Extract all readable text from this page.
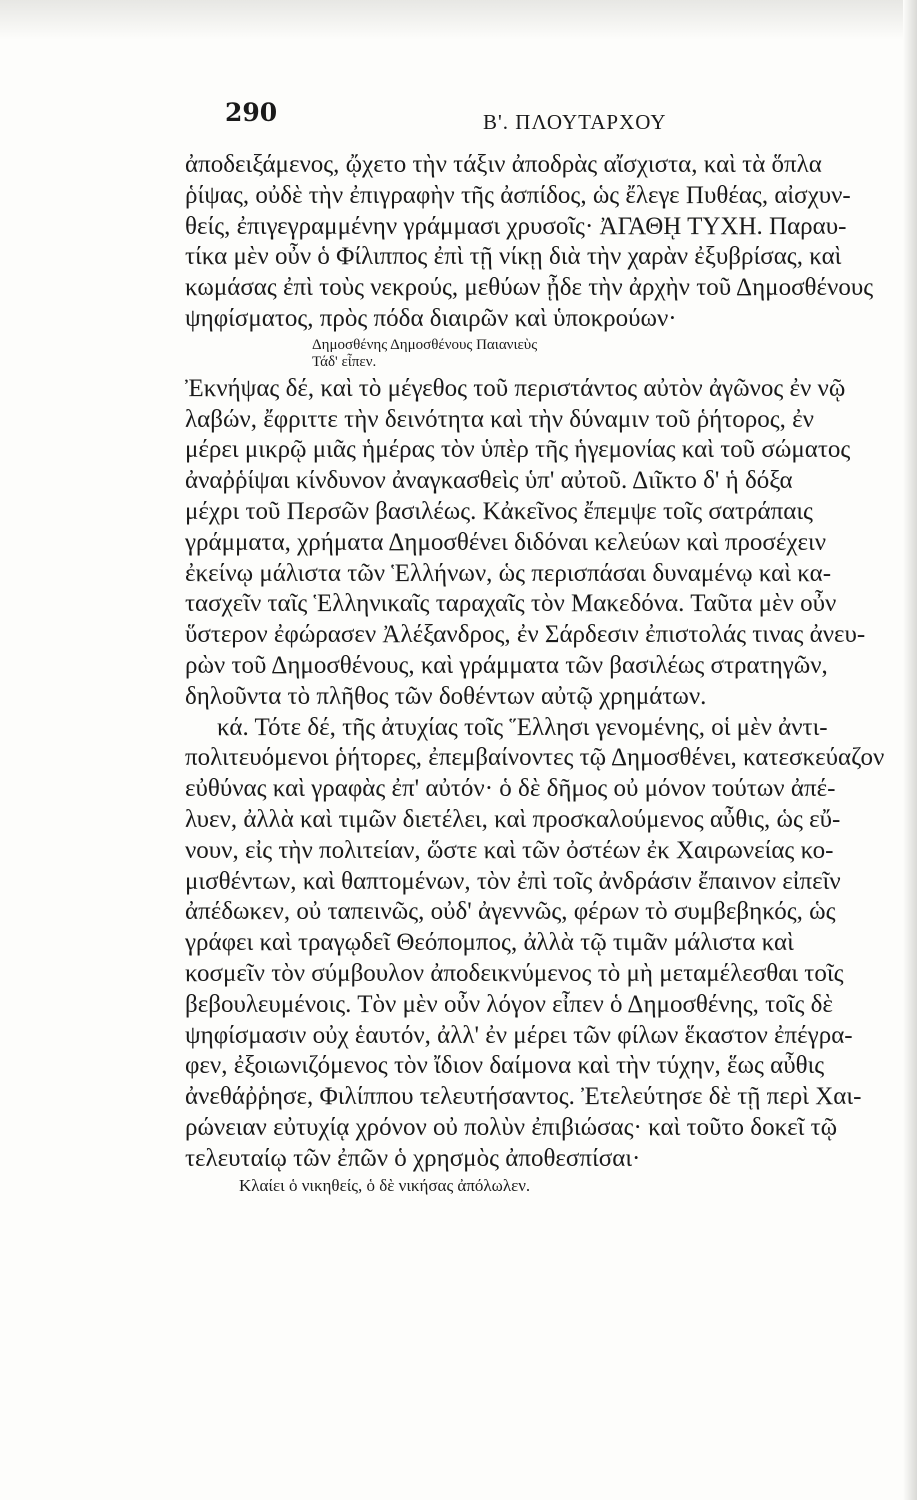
290	Β'. ΠΛΟΥΤΑΡΧΟΥ

ἀποδειξάμενος, ᾤχετο τὴν τάξιν ἀποδρὰς αἴσχιστα, καὶ τὰ ὅπλα
ῥίψας, οὐδὲ τὴν ἐπιγραφὴν τῆς ἀσπίδος, ὡς ἔλεγε Πυθέας, αἰσχυν-
θείς, ἐπιγεγραμμένην γράμμασι χρυσοῖς· ἈΓΑΘῌ ΤΥΧΗ. Παραυ-
τίκα μὲν οὖν ὁ Φίλιππος ἐπὶ τῇ νίκῃ διὰ τὴν χαρὰν ἐξυβρίσας, καὶ
κωμάσας ἐπὶ τοὺς νεκρούς, μεθύων ᾖδε τὴν ἀρχὴν τοῦ Δημοσθένους
ψηφίσματος, πρὸς πόδα διαιρῶν καὶ ὑποκρούων·

Δημοσθένης Δημοσθένους Παιανιεὺς
Τάδ' εἶπεν.

Ἐκνήψας δέ, καὶ τὸ μέγεθος τοῦ περιστάντος αὐτὸν ἀγῶνος ἐν νῷ
λαβών, ἔφριττε τὴν δεινότητα καὶ τὴν δύναμιν τοῦ ῥήτορος, ἐν
μέρει μικρῷ μιᾶς ἡμέρας τὸν ὑπὲρ τῆς ἡγεμονίας καὶ τοῦ σώματος
ἀναῤῥίψαι κίνδυνον ἀναγκασθεὶς ὑπ' αὐτοῦ. Διῖκτο δ' ἡ δόξα
μέχρι τοῦ Περσῶν βασιλέως. Κἀκεῖνος ἔπεμψε τοῖς σατράπαις
γράμματα, χρήματα Δημοσθένει διδόναι κελεύων καὶ προσέχειν
ἐκείνῳ μάλιστα τῶν Ἑλλήνων, ὡς περισπάσαι δυναμένῳ καὶ κα-
τασχεῖν ταῖς Ἑλληνικαῖς ταραχαῖς τὸν Μακεδόνα. Ταῦτα μὲν οὖν
ὕστερον ἐφώρασεν Ἀλέξανδρος, ἐν Σάρδεσιν ἐπιστολάς τινας ἀνευ-
ρὼν τοῦ Δημοσθένους, καὶ γράμματα τῶν βασιλέως στρατηγῶν,
δηλοῦντα τὸ πλῆθος τῶν δοθέντων αὐτῷ χρημάτων.

κά. Τότε δέ, τῆς ἀτυχίας τοῖς Ἕλλησι γενομένης, οἱ μὲν ἀντι-
πολιτευόμενοι ῥήτορες, ἐπεμβαίνοντες τῷ Δημοσθένει, κατεσκεύαζον
εὐθύνας καὶ γραφὰς ἐπ' αὐτόν· ὁ δὲ δῆμος οὐ μόνον τούτων ἀπέ-
λυεν, ἀλλὰ καὶ τιμῶν διετέλει, καὶ προσκαλούμενος αὖθις, ὡς εὔ-
νουν, εἰς τὴν πολιτείαν, ὥστε καὶ τῶν ὀστέων ἐκ Χαιρωνείας κο-
μισθέντων, καὶ θαπτομένων, τὸν ἐπὶ τοῖς ἀνδράσιν ἔπαινον εἰπεῖν
ἀπέδωκεν, οὐ ταπεινῶς, οὐδ' ἀγεννῶς, φέρων τὸ συμβεβηκός, ὡς
γράφει καὶ τραγῳδεῖ Θεόπομπος, ἀλλὰ τῷ τιμᾶν μάλιστα καὶ
κοσμεῖν τὸν σύμβουλον ἀποδεικνύμενος τὸ μὴ μεταμέλεσθαι τοῖς
βεβουλευμένοις. Τὸν μὲν οὖν λόγον εἶπεν ὁ Δημοσθένης, τοῖς δὲ
ψηφίσμασιν οὐχ ἑαυτόν, ἀλλ' ἐν μέρει τῶν φίλων ἕκαστον ἐπέγρα-
φεν, ἐξοιωνιζόμενος τὸν ἴδιον δαίμονα καὶ τὴν τύχην, ἕως αὖθις
ἀνεθάῤῥησε, Φιλίππου τελευτήσαντος. Ἐτελεύτησε δὲ τῇ περὶ Χαι-
ρώνειαν εὐτυχίᾳ χρόνον οὐ πολὺν ἐπιβιώσας· καὶ τοῦτο δοκεῖ τῷ
τελευταίῳ τῶν ἐπῶν ὁ χρησμὸς ἀποθεσπίσαι·

Κλαίει ὁ νικηθείς, ὁ δὲ νικήσας ἀπόλωλεν.
